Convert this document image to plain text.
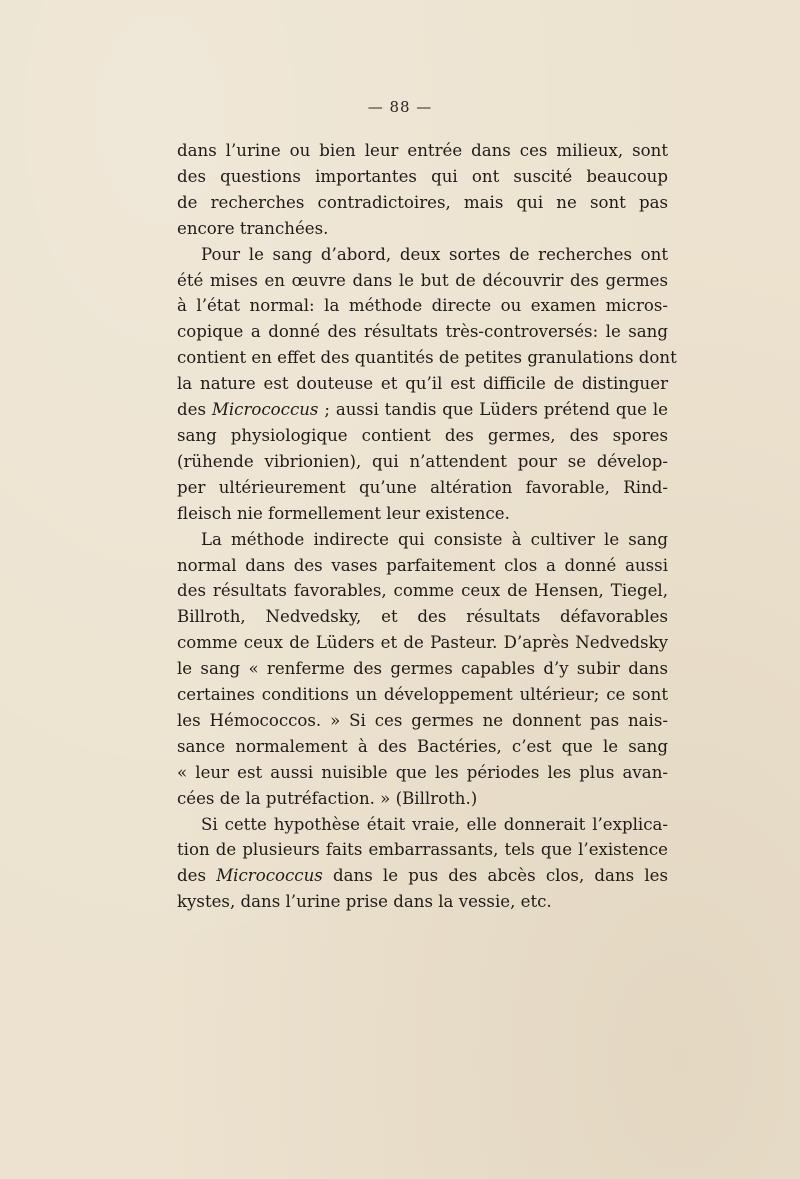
— 88 —
dans l’urine ou bien leur entrée dans ces milieux, sont
des questions importantes qui ont suscité beaucoup
de recherches contradictoires, mais qui ne sont pas
encore tranchées.
Pour le sang d’abord, deux sortes de recherches ont
été mises en œuvre dans le but de découvrir des germes
à l’état normal: la méthode directe ou examen micros-
copique a donné des résultats très-controversés: le sang
contient en effet des quantités de petites granulations dont
la nature est douteuse et qu’il est difficile de distinguer
des Micrococcus ; aussi tandis que Lüders prétend que le
sang physiologique contient des germes, des spores
(rühende vibrionien), qui n’attendent pour se dévelop-
per ultérieurement qu’une altération favorable, Rind-
fleisch nie formellement leur existence.
La méthode indirecte qui consiste à cultiver le sang
normal dans des vases parfaitement clos a donné aussi
des résultats favorables, comme ceux de Hensen, Tiegel,
Billroth, Nedvedsky, et des résultats défavorables
comme ceux de Lüders et de Pasteur. D’après Nedvedsky
le sang « renferme des germes capables d’y subir dans
certaines conditions un développement ultérieur; ce sont
les Hémococcos. » Si ces germes ne donnent pas nais-
sance normalement à des Bactéries, c’est que le sang
« leur est aussi nuisible que les périodes les plus avan-
cées de la putréfaction. » (Billroth.)
Si cette hypothèse était vraie, elle donnerait l’explica-
tion de plusieurs faits embarrassants, tels que l’existence
des Micrococcus dans le pus des abcès clos, dans les
kystes, dans l’urine prise dans la vessie, etc.
